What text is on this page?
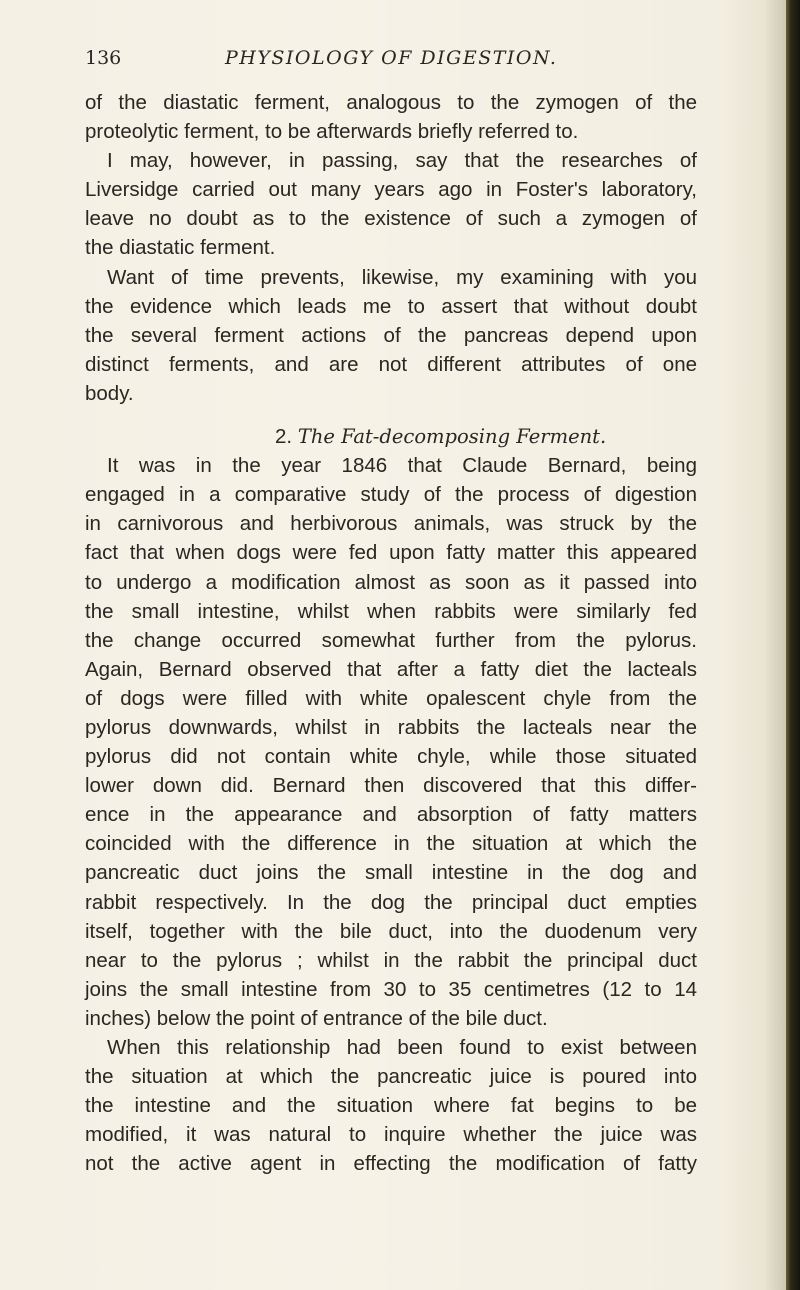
136	PHYSIOLOGY OF DIGESTION.
of the diastatic ferment, analogous to the zymogen of the
proteolytic ferment, to be afterwards briefly referred to.
I may, however, in passing, say that the researches of
Liversidge carried out many years ago in Foster's laboratory,
leave no doubt as to the existence of such a zymogen of
the diastatic ferment.
Want of time prevents, likewise, my examining with you
the evidence which leads me to assert that without doubt
the several ferment actions of the pancreas depend upon
distinct ferments, and are not different attributes of one
body.
2. The Fat-decomposing Ferment.
It was in the year 1846 that Claude Bernard, being
engaged in a comparative study of the process of digestion
in carnivorous and herbivorous animals, was struck by the
fact that when dogs were fed upon fatty matter this appeared
to undergo a modification almost as soon as it passed into
the small intestine, whilst when rabbits were similarly fed
the change occurred somewhat further from the pylorus.
Again, Bernard observed that after a fatty diet the lacteals
of dogs were filled with white opalescent chyle from the
pylorus downwards, whilst in rabbits the lacteals near the
pylorus did not contain white chyle, while those situated
lower down did. Bernard then discovered that this differ-
ence in the appearance and absorption of fatty matters
coincided with the difference in the situation at which the
pancreatic duct joins the small intestine in the dog and
rabbit respectively. In the dog the principal duct empties
itself, together with the bile duct, into the duodenum very
near to the pylorus ; whilst in the rabbit the principal duct
joins the small intestine from 30 to 35 centimetres (12 to 14
inches) below the point of entrance of the bile duct.
When this relationship had been found to exist between
the situation at which the pancreatic juice is poured into
the intestine and the situation where fat begins to be
modified, it was natural to inquire whether the juice was
not the active agent in effecting the modification of fatty
